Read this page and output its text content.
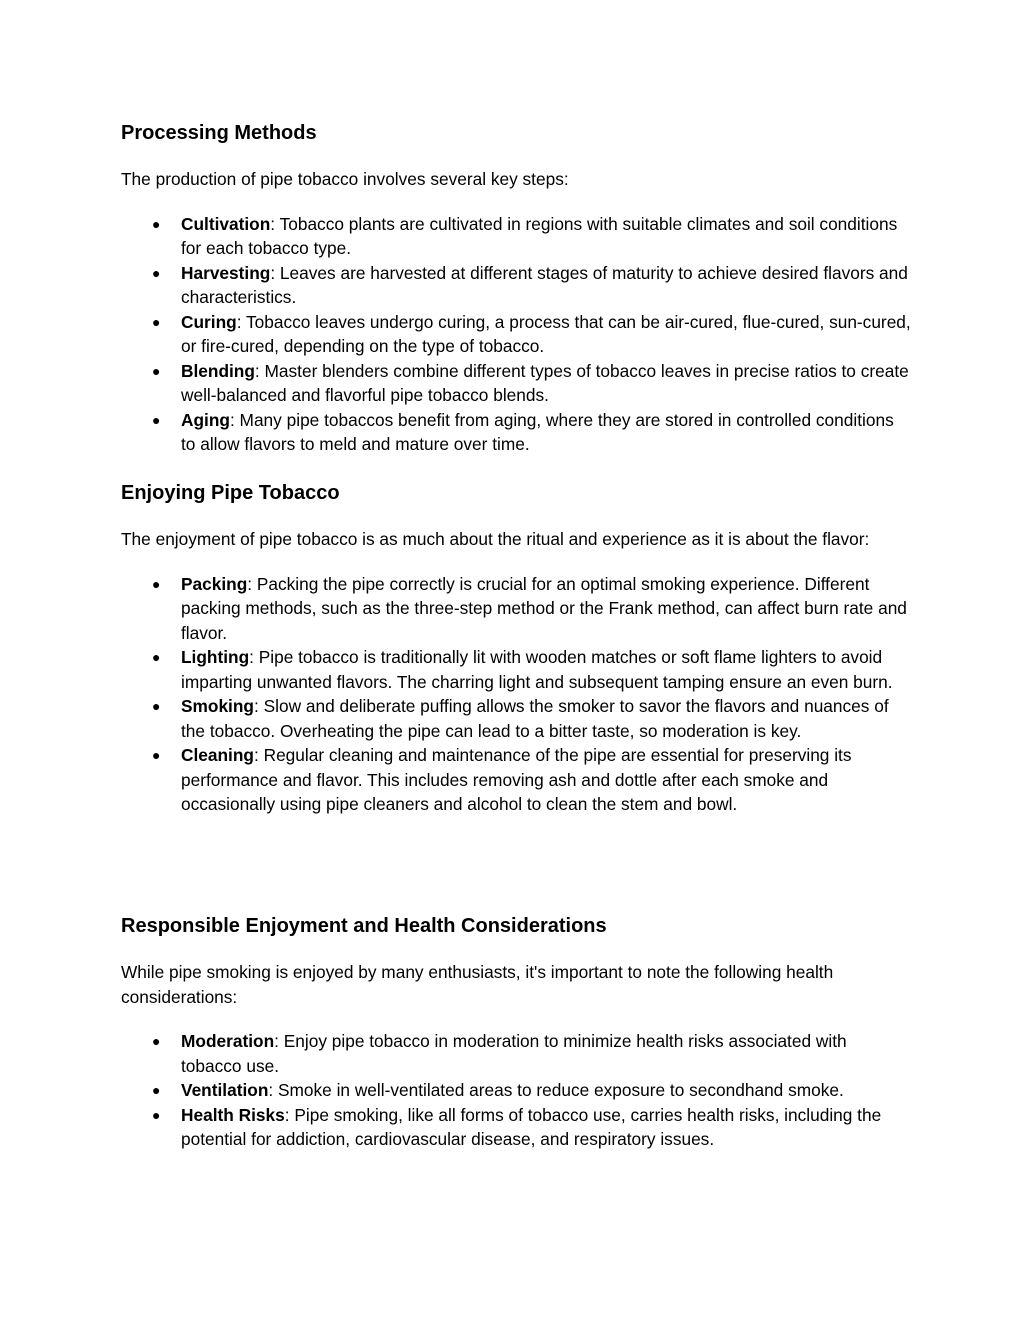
Processing Methods

The production of pipe tobacco involves several key steps:

● Cultivation: Tobacco plants are cultivated in regions with suitable climates and soil conditions for each tobacco type.
● Harvesting: Leaves are harvested at different stages of maturity to achieve desired flavors and characteristics.
● Curing: Tobacco leaves undergo curing, a process that can be air-cured, flue-cured, sun-cured, or fire-cured, depending on the type of tobacco.
● Blending: Master blenders combine different types of tobacco leaves in precise ratios to create well-balanced and flavorful pipe tobacco blends.
● Aging: Many pipe tobaccos benefit from aging, where they are stored in controlled conditions to allow flavors to meld and mature over time.
Enjoying Pipe Tobacco

The enjoyment of pipe tobacco is as much about the ritual and experience as it is about the flavor:

● Packing: Packing the pipe correctly is crucial for an optimal smoking experience. Different packing methods, such as the three-step method or the Frank method, can affect burn rate and flavor.
● Lighting: Pipe tobacco is traditionally lit with wooden matches or soft flame lighters to avoid imparting unwanted flavors. The charring light and subsequent tamping ensure an even burn.
● Smoking: Slow and deliberate puffing allows the smoker to savor the flavors and nuances of the tobacco. Overheating the pipe can lead to a bitter taste, so moderation is key.
● Cleaning: Regular cleaning and maintenance of the pipe are essential for preserving its performance and flavor. This includes removing ash and dottle after each smoke and occasionally using pipe cleaners and alcohol to clean the stem and bowl.
Responsible Enjoyment and Health Considerations

While pipe smoking is enjoyed by many enthusiasts, it's important to note the following health considerations:

● Moderation: Enjoy pipe tobacco in moderation to minimize health risks associated with tobacco use.
● Ventilation: Smoke in well-ventilated areas to reduce exposure to secondhand smoke.
● Health Risks: Pipe smoking, like all forms of tobacco use, carries health risks, including the potential for addiction, cardiovascular disease, and respiratory issues.
